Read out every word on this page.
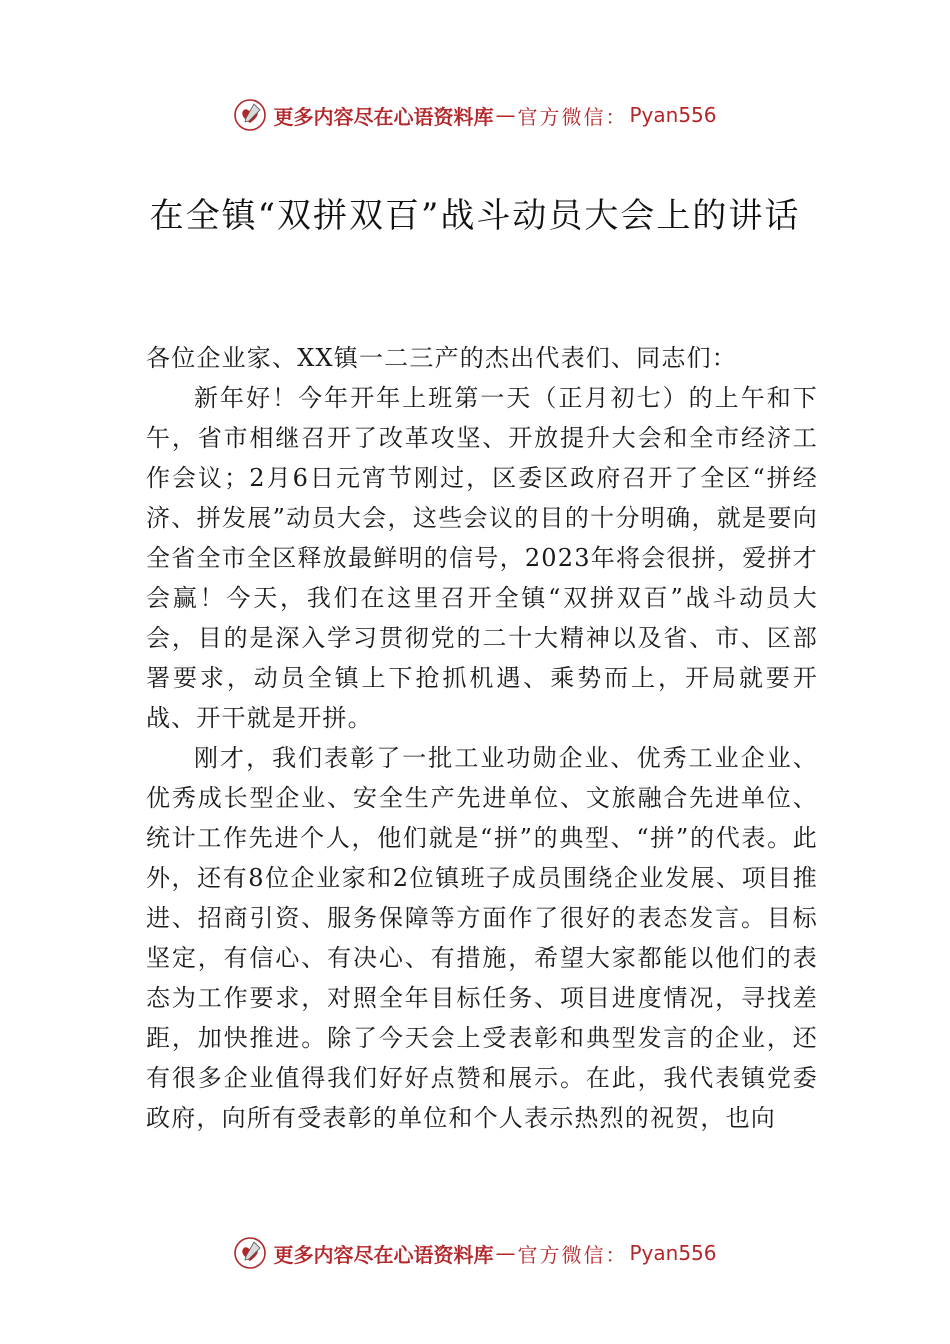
更多内容尽在心语资料库 — 官方微信： Pyan556
在全镇“双拼双百”战斗动员大会上的讲话

各位企业家、XX镇一二三产的杰出代表们、同志们：

新年好！今年开年上班第一天（正月初七）的上午和下午，省市相继召开了改革攻坚、开放提升大会和全市经济工作会议；2月6日元宵节刚过，区委区政府召开了全区“拼经济、拼发展”动员大会，这些会议的目的十分明确，就是要向全省全市全区释放最鲜明的信号，2023年将会很拼，爱拼才会赢！今天，我们在这里召开全镇“双拼双百”战斗动员大会，目的是深入学习贯彻党的二十大精神以及省、市、区部署要求，动员全镇上下抢抓机遇、乘势而上，开局就要开战、开干就是开拼。

刚才，我们表彰了一批工业功勋企业、优秀工业企业、优秀成长型企业、安全生产先进单位、文旅融合先进单位、统计工作先进个人，他们就是“拼”的典型、“拼”的代表。此外，还有8位企业家和2位镇班子成员围绕企业发展、项目推进、招商引资、服务保障等方面作了很好的表态发言。目标坚定，有信心、有决心、有措施，希望大家都能以他们的表态为工作要求，对照全年目标任务、项目进度情况，寻找差距，加快推进。除了今天会上受表彰和典型发言的企业，还有很多企业值得我们好好点赞和展示。在此，我代表镇党委政府，向所有受表彰的单位和个人表示热烈的祝贺，也向

更多内容尽在心语资料库 — 官方微信： Pyan556
